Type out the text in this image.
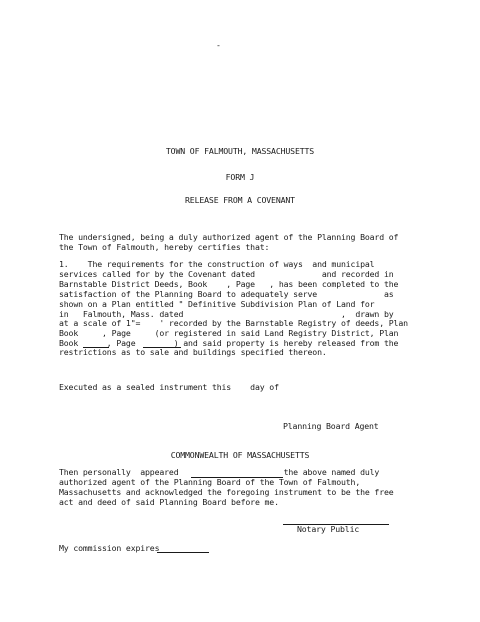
-
TOWN OF FALMOUTH, MASSACHUSETTS
FORM J
RELEASE FROM A COVENANT
The undersigned, being a duly authorized agent of the Planning Board of
the Town of Falmouth, hereby certifies that:
1.    The requirements for the construction of ways  and municipal
services called for by the Covenant dated              and recorded in
Barnstable District Deeds, Book    , Page   , has been completed to the
satisfaction of the Planning Board to adequately serve              as
shown on a Plan entitled " Definitive Subdivision Plan of Land for
in   Falmouth, Mass. dated                                 ,  drawn by
at a scale of 1"=    ' recorded by the Barnstable Registry of deeds, Plan
Book     , Page     (or registered in said Land Registry District, Plan
Book      , Page        ) and said property is hereby released from the
restrictions as to sale and buildings specified thereon.
Executed as a sealed instrument this    day of
Planning Board Agent
COMMONWEALTH OF MASSACHUSETTS
Then personally  appeared                      the above named duly
authorized agent of the Planning Board of the Town of Falmouth,
Massachusetts and acknowledged the foregoing instrument to be the free
act and deed of said Planning Board before me.
Notary Public
My commission expires
